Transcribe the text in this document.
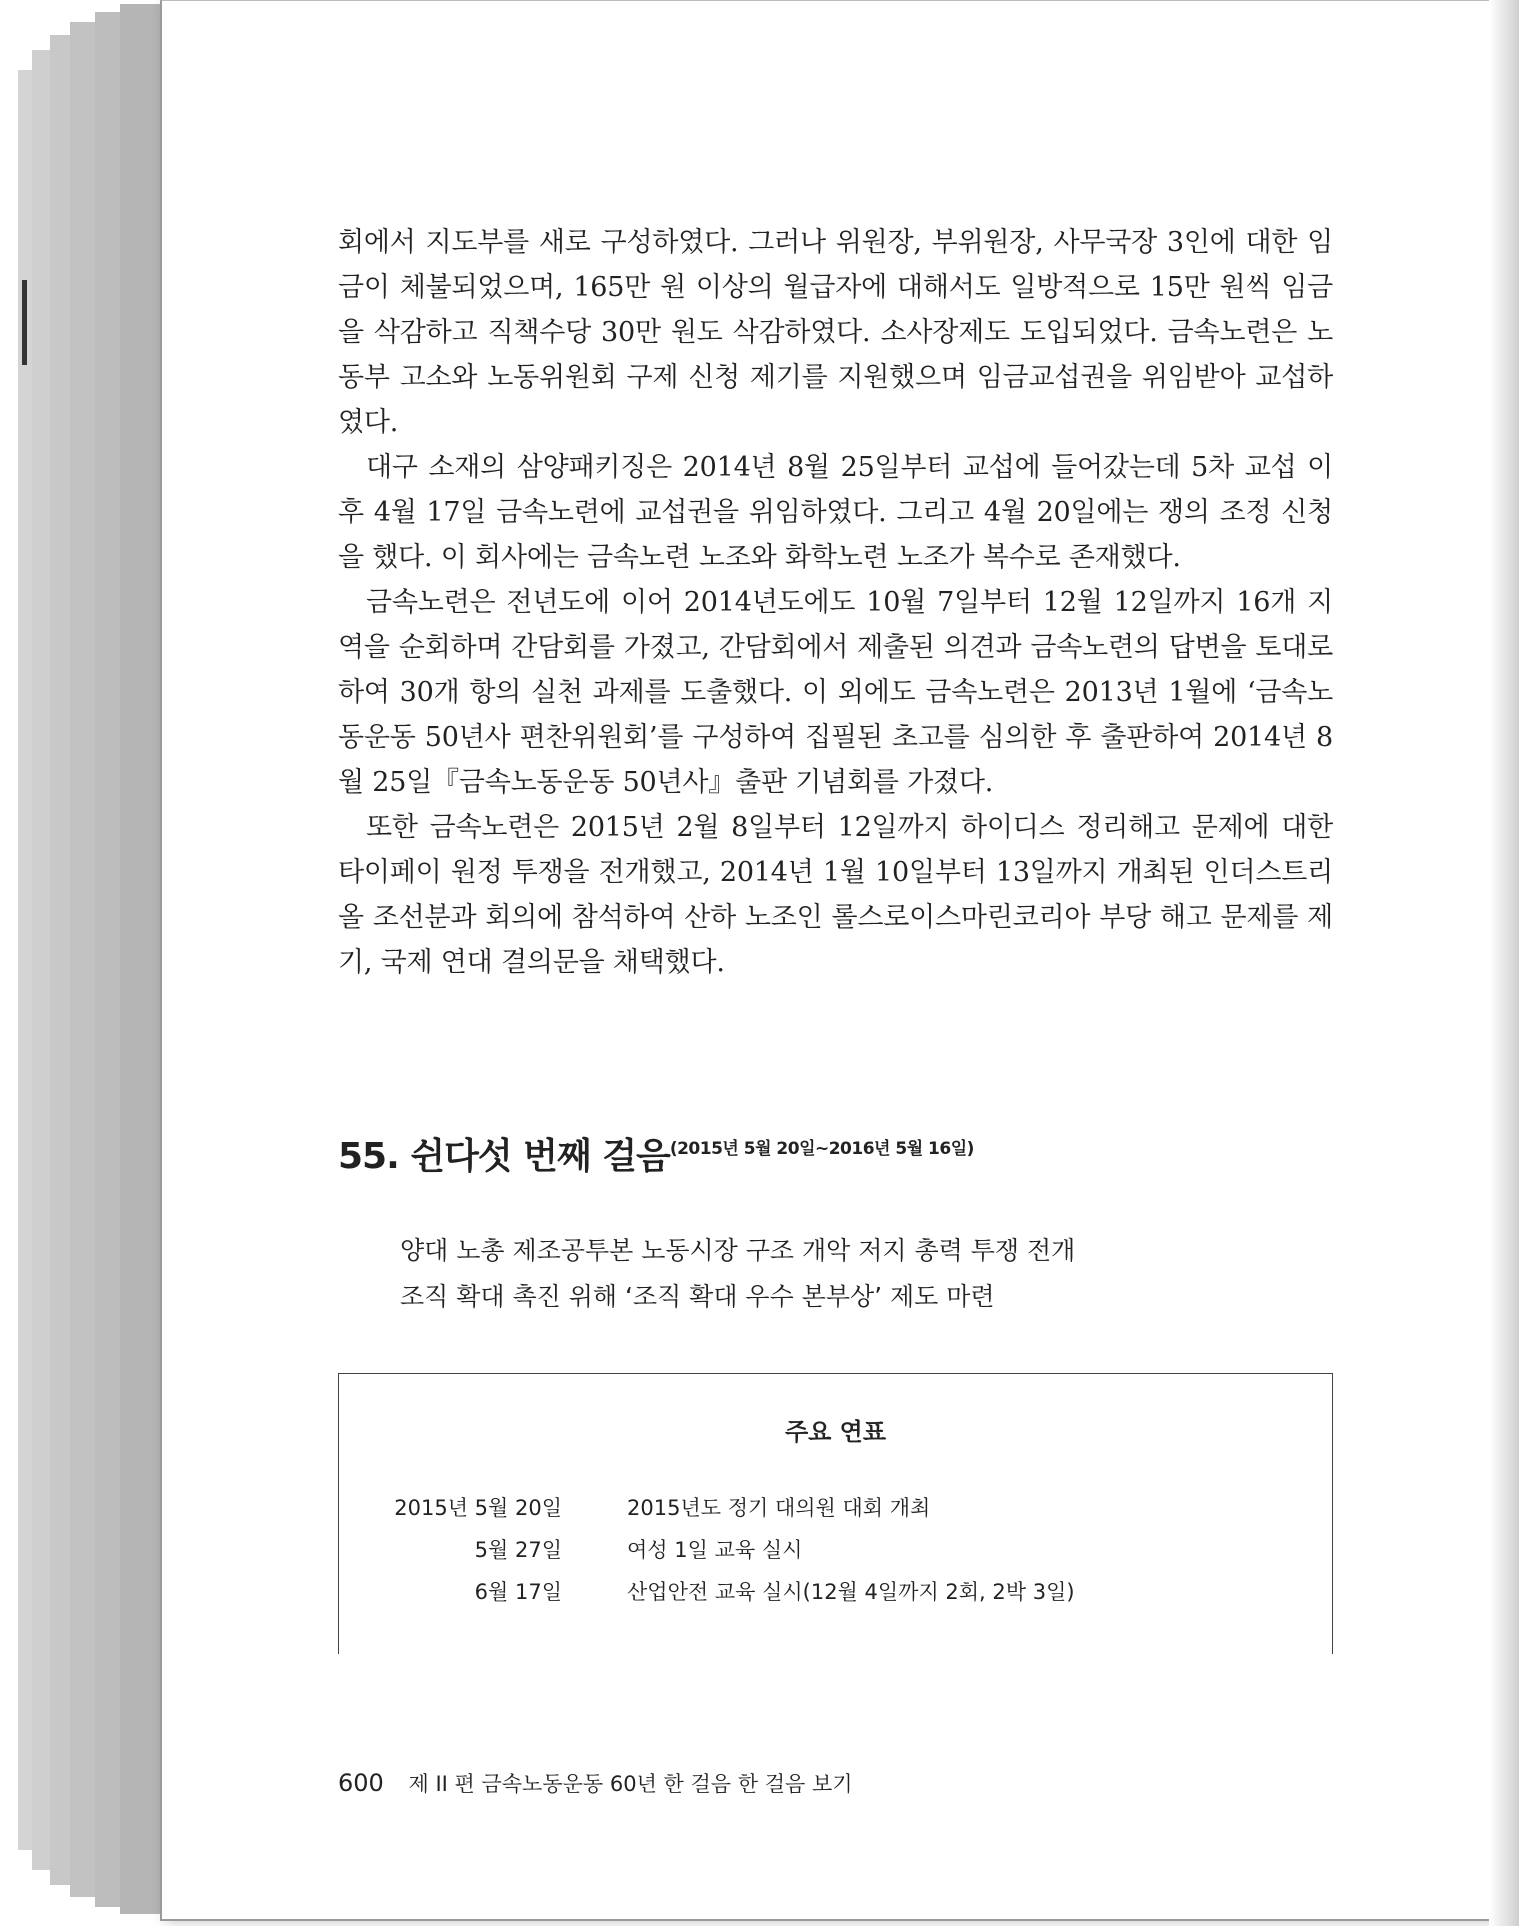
회에서 지도부를 새로 구성하였다. 그러나 위원장, 부위원장, 사무국장 3인에 대한 임금이 체불되었으며, 165만 원 이상의 월급자에 대해서도 일방적으로 15만 원씩 임금을 삭감하고 직책수당 30만 원도 삭감하였다. 소사장제도 도입되었다. 금속노련은 노동부 고소와 노동위원회 구제 신청 제기를 지원했으며 임금교섭권을 위임받아 교섭하였다.

대구 소재의 삼양패키징은 2014년 8월 25일부터 교섭에 들어갔는데 5차 교섭 이후 4월 17일 금속노련에 교섭권을 위임하였다. 그리고 4월 20일에는 쟁의 조정 신청을 했다. 이 회사에는 금속노련 노조와 화학노련 노조가 복수로 존재했다.

금속노련은 전년도에 이어 2014년도에도 10월 7일부터 12월 12일까지 16개 지역을 순회하며 간담회를 가졌고, 간담회에서 제출된 의견과 금속노련의 답변을 토대로 하여 30개 항의 실천 과제를 도출했다. 이 외에도 금속노련은 2013년 1월에 ‘금속노동운동 50년사 편찬위원회’를 구성하여 집필된 초고를 심의한 후 출판하여 2014년 8월 25일『금속노동운동 50년사』출판 기념회를 가졌다.

또한 금속노련은 2015년 2월 8일부터 12일까지 하이디스 정리해고 문제에 대한 타이페이 원정 투쟁을 전개했고, 2014년 1월 10일부터 13일까지 개최된 인더스트리올 조선분과 회의에 참석하여 산하 노조인 롤스로이스마린코리아 부당 해고 문제를 제기, 국제 연대 결의문을 채택했다.

55. 쉰다섯 번째 걸음$^{(2015년 5월 20일\sim 2016년 5월 16일)}$
양대 노총 제조공투본 노동시장 구조 개악 저지 총력 투쟁 전개
조직 확대 촉진 위해 ‘조직 확대 우수 본부상’ 제도 마련
주요 연표
2015년 5월 20일	2015년도 정기 대의원 대회 개최
5월 27일	여성 1일 교육 실시
6월 17일	산업안전 교육 실시(12월 4일까지 2회, 2박 3일)
600 제 II 편 금속노동운동 60년 한 걸음 한 걸음 보기
